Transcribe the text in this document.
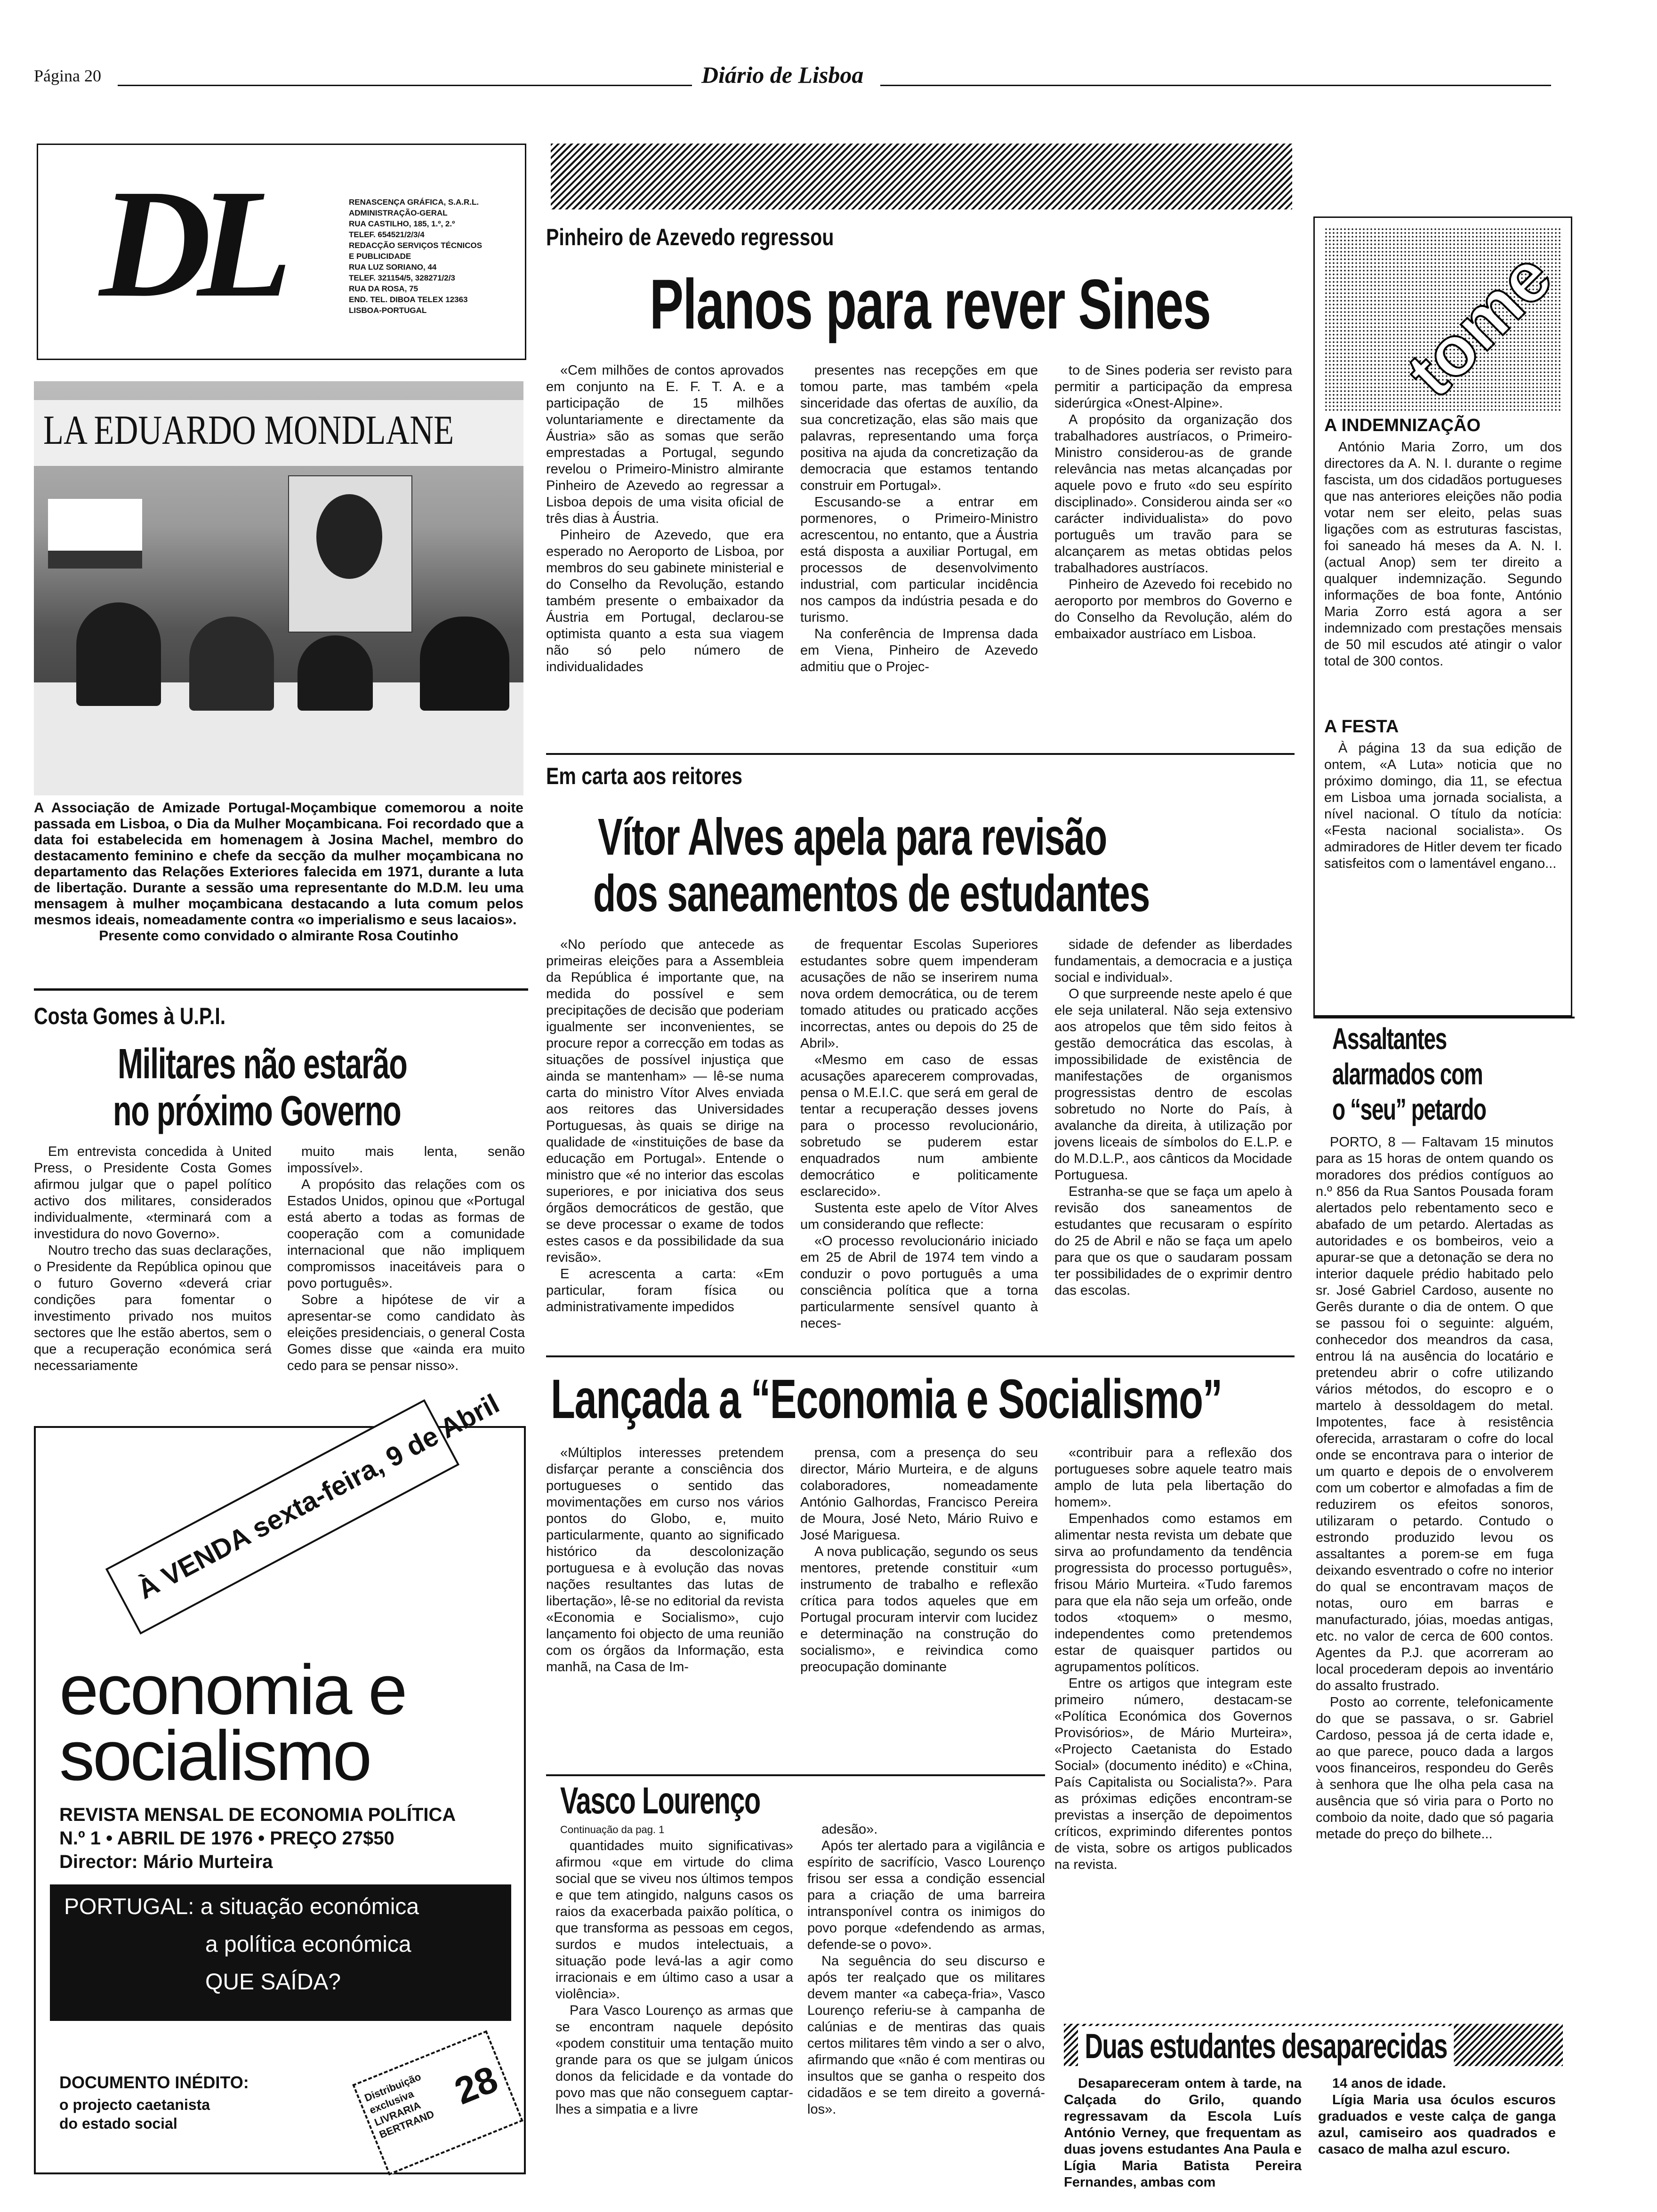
Página 20	Diário de Lisboa
DL	RENASCENÇA GRÁFICA, S.A.R.L.
ADMINISTRAÇÃO-GERAL
RUA CASTILHO, 185, 1.º, 2.º
TELEF. 654521/2/3/4
REDACÇÃO SERVIÇOS TÉCNICOS
E PUBLICIDADE
RUA LUZ SORIANO, 44
TELEF. 321154/5, 328271/2/3
RUA DA ROSA, 75
END. TEL. DIBOA TELEX 12363
LISBOA-PORTUGAL
LA EDUARDO MONDLANE
A Associação de Amizade Portugal-Moçambique comemorou a noite passada em Lisboa, o Dia da Mulher Moçambicana. Foi recordado que a data foi estabelecida em homenagem à Josina Machel, membro do destacamento feminino e chefe da secção da mulher moçambicana no departamento das Relações Exteriores falecida em 1971, durante a luta de libertação. Durante a sessão uma representante do M.D.M. leu uma mensagem à mulher moçambicana destacando a luta comum pelos mesmos ideais, nomeadamente contra «o imperialismo e seus lacaios».
Presente como convidado o almirante Rosa Coutinho
Pinheiro de Azevedo regressou
Planos para rever Sines

«Cem milhões de contos aprovados em conjunto na E. F. T. A. e a participação de 15 milhões voluntariamente e directamente da Áustria» são as somas que serão emprestadas a Portugal, segundo revelou o Primeiro-Ministro almirante Pinheiro de Azevedo ao regressar a Lisboa depois de uma visita oficial de três dias à Áustria.

Pinheiro de Azevedo, que era esperado no Aeroporto de Lisboa, por membros do seu gabinete ministerial e do Conselho da Revolução, estando também presente o embaixador da Áustria em Portugal, declarou-se optimista quanto a esta sua viagem não só pelo número de individualidades

presentes nas recepções em que tomou parte, mas também «pela sinceridade das ofertas de auxílio, da sua concretização, elas são mais que palavras, representando uma força positiva na ajuda da concretização da democracia que estamos tentando construir em Portugal».

Escusando-se a entrar em pormenores, o Primeiro-Ministro acrescentou, no entanto, que a Áustria está disposta a auxiliar Portugal, em processos de desenvolvimento industrial, com particular incidência nos campos da indústria pesada e do turismo.

Na conferência de Imprensa dada em Viena, Pinheiro de Azevedo admitiu que o Projec-

to de Sines poderia ser revisto para permitir a participação da empresa siderúrgica «Onest-Alpine».

A propósito da organização dos trabalhadores austríacos, o Primeiro-Ministro considerou-as de grande relevância nas metas alcançadas por aquele povo e fruto «do seu espírito disciplinado». Considerou ainda ser «o carácter individualista» do povo português um travão para se alcançarem as metas obtidas pelos trabalhadores austríacos.

Pinheiro de Azevedo foi recebido no aeroporto por membros do Governo e do Conselho da Revolução, além do embaixador austríaco em Lisboa.

tome
A INDEMNIZAÇÃO

António Maria Zorro, um dos directores da A. N. I. durante o regime fascista, um dos cidadãos portugueses que nas anteriores eleições não podia votar nem ser eleito, pelas suas ligações com as estruturas fascistas, foi saneado há meses da A. N. I. (actual Anop) sem ter direito a qualquer indemnização. Segundo informações de boa fonte, António Maria Zorro está agora a ser indemnizado com prestações mensais de 50 mil escudos até atingir o valor total de 300 contos.

A FESTA

À página 13 da sua edição de ontem, «A Luta» noticia que no próximo domingo, dia 11, se efectua em Lisboa uma jornada socialista, a nível nacional. O título da notícia: «Festa nacional socialista». Os admiradores de Hitler devem ter ficado satisfeitos com o lamentável engano...

Em carta aos reitores
Vítor Alves apela para revisão
dos saneamentos de estudantes

«No período que antecede as primeiras eleições para a Assembleia da República é importante que, na medida do possível e sem precipitações de decisão que poderiam igualmente ser inconvenientes, se procure repor a correcção em todas as situações de possível injustiça que ainda se mantenham» — lê-se numa carta do ministro Vítor Alves enviada aos reitores das Universidades Portuguesas, às quais se dirige na qualidade de «instituições de base da educação em Portugal». Entende o ministro que «é no interior das escolas superiores, e por iniciativa dos seus órgãos democráticos de gestão, que se deve processar o exame de todos estes casos e da possibilidade da sua revisão».

E acrescenta a carta: «Em particular, foram física ou administrativamente impedidos

de frequentar Escolas Superiores estudantes sobre quem impenderam acusações de não se inserirem numa nova ordem democrática, ou de terem tomado atitudes ou praticado acções incorrectas, antes ou depois do 25 de Abril».

«Mesmo em caso de essas acusações aparecerem comprovadas, pensa o M.E.I.C. que será em geral de tentar a recuperação desses jovens para o processo revolucionário, sobretudo se puderem estar enquadrados num ambiente democrático e politicamente esclarecido».

Sustenta este apelo de Vítor Alves um considerando que reflecte:

«O processo revolucionário iniciado em 25 de Abril de 1974 tem vindo a conduzir o povo português a uma consciência política que a torna particularmente sensível quanto à neces-

sidade de defender as liberdades fundamentais, a democracia e a justiça social e individual».

O que surpreende neste apelo é que ele seja unilateral. Não seja extensivo aos atropelos que têm sido feitos à gestão democrática das escolas, à impossibilidade de existência de manifestações de organismos progressistas dentro de escolas sobretudo no Norte do País, à avalanche da direita, à utilização por jovens liceais de símbolos do E.L.P. e do M.D.L.P., aos cânticos da Mocidade Portuguesa.

Estranha-se que se faça um apelo à revisão dos saneamentos de estudantes que recusaram o espírito do 25 de Abril e não se faça um apelo para que os que o saudaram possam ter possibilidades de o exprimir dentro das escolas.

Costa Gomes à U.P.I.
Militares não estarão
no próximo Governo

Em entrevista concedida à United Press, o Presidente Costa Gomes afirmou julgar que o papel político activo dos militares, considerados individualmente, «terminará com a investidura do novo Governo».

Noutro trecho das suas declarações, o Presidente da República opinou que o futuro Governo «deverá criar condições para fomentar o investimento privado nos muitos sectores que lhe estão abertos, sem o que a recuperação económica será necessariamente

muito mais lenta, senão impossível».

A propósito das relações com os Estados Unidos, opinou que «Portugal está aberto a todas as formas de cooperação com a comunidade internacional que não impliquem compromissos inaceitáveis para o povo português».

Sobre a hipótese de vir a apresentar-se como candidato às eleições presidenciais, o general Costa Gomes disse que «ainda era muito cedo para se pensar nisso».

Assaltantes
alarmados com
o “seu” petardo

PORTO, 8 — Faltavam 15 minutos para as 15 horas de ontem quando os moradores dos prédios contíguos ao n.º 856 da Rua Santos Pousada foram alertados pelo rebentamento seco e abafado de um petardo. Alertadas as autoridades e os bombeiros, veio a apurar-se que a detonação se dera no interior daquele prédio habitado pelo sr. José Gabriel Cardoso, ausente no Gerês durante o dia de ontem. O que se passou foi o seguinte: alguém, conhecedor dos meandros da casa, entrou lá na ausência do locatário e pretendeu abrir o cofre utilizando vários métodos, do escopro e o martelo à dessoldagem do metal. Impotentes, face à resistência oferecida, arrastaram o cofre do local onde se encontrava para o interior de um quarto e depois de o envolverem com um cobertor e almofadas a fim de reduzirem os efeitos sonoros, utilizaram o petardo. Contudo o estrondo produzido levou os assaltantes a porem-se em fuga deixando esventrado o cofre no interior do qual se encontravam maços de notas, ouro em barras e manufacturado, jóias, moedas antigas, etc. no valor de cerca de 600 contos. Agentes da P.J. que acorreram ao local procederam depois ao inventário do assalto frustrado.

Posto ao corrente, telefonicamente do que se passava, o sr. Gabriel Cardoso, pessoa já de certa idade e, ao que parece, pouco dada a largos voos financeiros, respondeu do Gerês à senhora que lhe olha pela casa na ausência que só viria para o Porto no comboio da noite, dado que só pagaria metade do preço do bilhete...

À VENDA sexta-feira, 9 de Abril
economia e
socialismo
REVISTA MENSAL DE ECONOMIA POLÍTICA
N.º 1 • ABRIL DE 1976 • PREÇO 27$50
Director: Mário Murteira
PORTUGAL: a situação económica
a política económica
QUE SAÍDA?
DOCUMENTO INÉDITO:
o projecto caetanista
do estado social
Distribuição exclusiva LIVRARIA BERTRAND
28
Lançada a “Economia e Socialismo”

«Múltiplos interesses pretendem disfarçar perante a consciência dos portugueses o sentido das movimentações em curso nos vários pontos do Globo, e, muito particularmente, quanto ao significado histórico da descolonização portuguesa e à evolução das novas nações resultantes das lutas de libertação», lê-se no editorial da revista «Economia e Socialismo», cujo lançamento foi objecto de uma reunião com os órgãos da Informação, esta manhã, na Casa de Im-

prensa, com a presença do seu director, Mário Murteira, e de alguns colaboradores, nomeadamente António Galhordas, Francisco Pereira de Moura, José Neto, Mário Ruivo e José Mariguesa.

A nova publicação, segundo os seus mentores, pretende constituir «um instrumento de trabalho e reflexão crítica para todos aqueles que em Portugal procuram intervir com lucidez e determinação na construção do socialismo», e reivindica como preocupação dominante

«contribuir para a reflexão dos portugueses sobre aquele teatro mais amplo de luta pela libertação do homem».

Empenhados como estamos em alimentar nesta revista um debate que sirva ao profundamento da tendência progressista do processo português», frisou Mário Murteira. «Tudo faremos para que ela não seja um orfeão, onde todos «toquem» o mesmo, independentes como pretendemos estar de quaisquer partidos ou agrupamentos políticos.

Entre os artigos que integram este primeiro número, destacam-se «Política Económica dos Governos Provisórios», de Mário Murteira», «Projecto Caetanista do Estado Social» (documento inédito) e «China, País Capitalista ou Socialista?». Para as próximas edições encontram-se previstas a inserção de depoimentos críticos, exprimindo diferentes pontos de vista, sobre os artigos publicados na revista.

Vasco Lourenço
Continuação da pag. 1

quantidades muito significativas» afirmou «que em virtude do clima social que se viveu nos últimos tempos e que tem atingido, nalguns casos os raios da exacerbada paixão política, o que transforma as pessoas em cegos, surdos e mudos intelectuais, a situação pode levá-las a agir como irracionais e em último caso a usar a violência».

Para Vasco Lourenço as armas que se encontram naquele depósito «podem constituir uma tentação muito grande para os que se julgam únicos donos da felicidade e da vontade do povo mas que não conseguem captar-lhes a simpatia e a livre

adesão».

Após ter alertado para a vigilância e espírito de sacrifício, Vasco Lourenço frisou ser essa a condição essencial para a criação de uma barreira intransponível contra os inimigos do povo porque «defendendo as armas, defende-se o povo».

Na seguência do seu discurso e após ter realçado que os militares devem manter «a cabeça-fria», Vasco Lourenço referiu-se à campanha de calúnias e de mentiras das quais certos militares têm vindo a ser o alvo, afirmando que «não é com mentiras ou insultos que se ganha o respeito dos cidadãos e se tem direito a governá-los».

Duas estudantes desaparecidas

Desapareceram ontem à tarde, na Calçada do Grilo, quando regressavam da Escola Luís António Verney, que frequentam as duas jovens estudantes Ana Paula e Lígia Maria Batista Pereira Fernandes, ambas com

14 anos de idade.

Lígia Maria usa óculos escuros graduados e veste calça de ganga azul, camiseiro aos quadrados e casaco de malha azul escuro.
